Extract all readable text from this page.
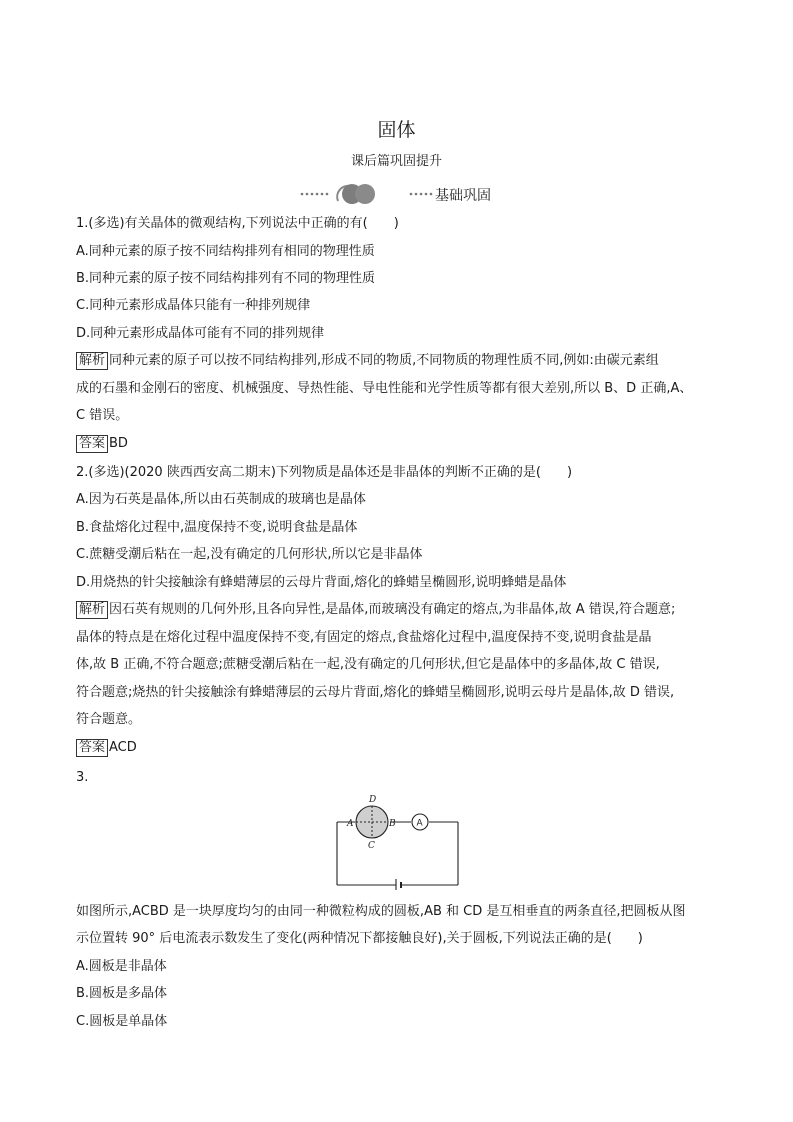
固体
课后篇巩固提升
基础巩固
1.(多选)有关晶体的微观结构,下列说法中正确的有(　　)
A.同种元素的原子按不同结构排列有相同的物理性质
B.同种元素的原子按不同结构排列有不同的物理性质
C.同种元素形成晶体只能有一种排列规律
D.同种元素形成晶体可能有不同的排列规律
解析 同种元素的原子可以按不同结构排列,形成不同的物质,不同物质的物理性质不同,例如:由碳元素组
成的石墨和金刚石的密度、机械强度、导热性能、导电性能和光学性质等都有很大差别,所以 B、D 正确,A、
C 错误。
答案 BD
2.(多选)(2020 陕西西安高二期末)下列物质是晶体还是非晶体的判断不正确的是(　　)
A.因为石英是晶体,所以由石英制成的玻璃也是晶体
B.食盐熔化过程中,温度保持不变,说明食盐是晶体
C.蔗糖受潮后粘在一起,没有确定的几何形状,所以它是非晶体
D.用烧热的针尖接触涂有蜂蜡薄层的云母片背面,熔化的蜂蜡呈椭圆形,说明蜂蜡是晶体
解析 因石英有规则的几何外形,且各向异性,是晶体,而玻璃没有确定的熔点,为非晶体,故 A 错误,符合题意;
晶体的特点是在熔化过程中温度保持不变,有固定的熔点,食盐熔化过程中,温度保持不变,说明食盐是晶
体,故 B 正确,不符合题意;蔗糖受潮后粘在一起,没有确定的几何形状,但它是晶体中的多晶体,故 C 错误,
符合题意;烧热的针尖接触涂有蜂蜡薄层的云母片背面,熔化的蜂蜡呈椭圆形,说明云母片是晶体,故 D 错误,
符合题意。
答案 ACD
3.
D
A	B
C
A
如图所示,ACBD 是一块厚度均匀的由同一种微粒构成的圆板,AB 和 CD 是互相垂直的两条直径,把圆板从图
示位置转 90° 后电流表示数发生了变化(两种情况下都接触良好),关于圆板,下列说法正确的是(　　)
A.圆板是非晶体
B.圆板是多晶体
C.圆板是单晶体
